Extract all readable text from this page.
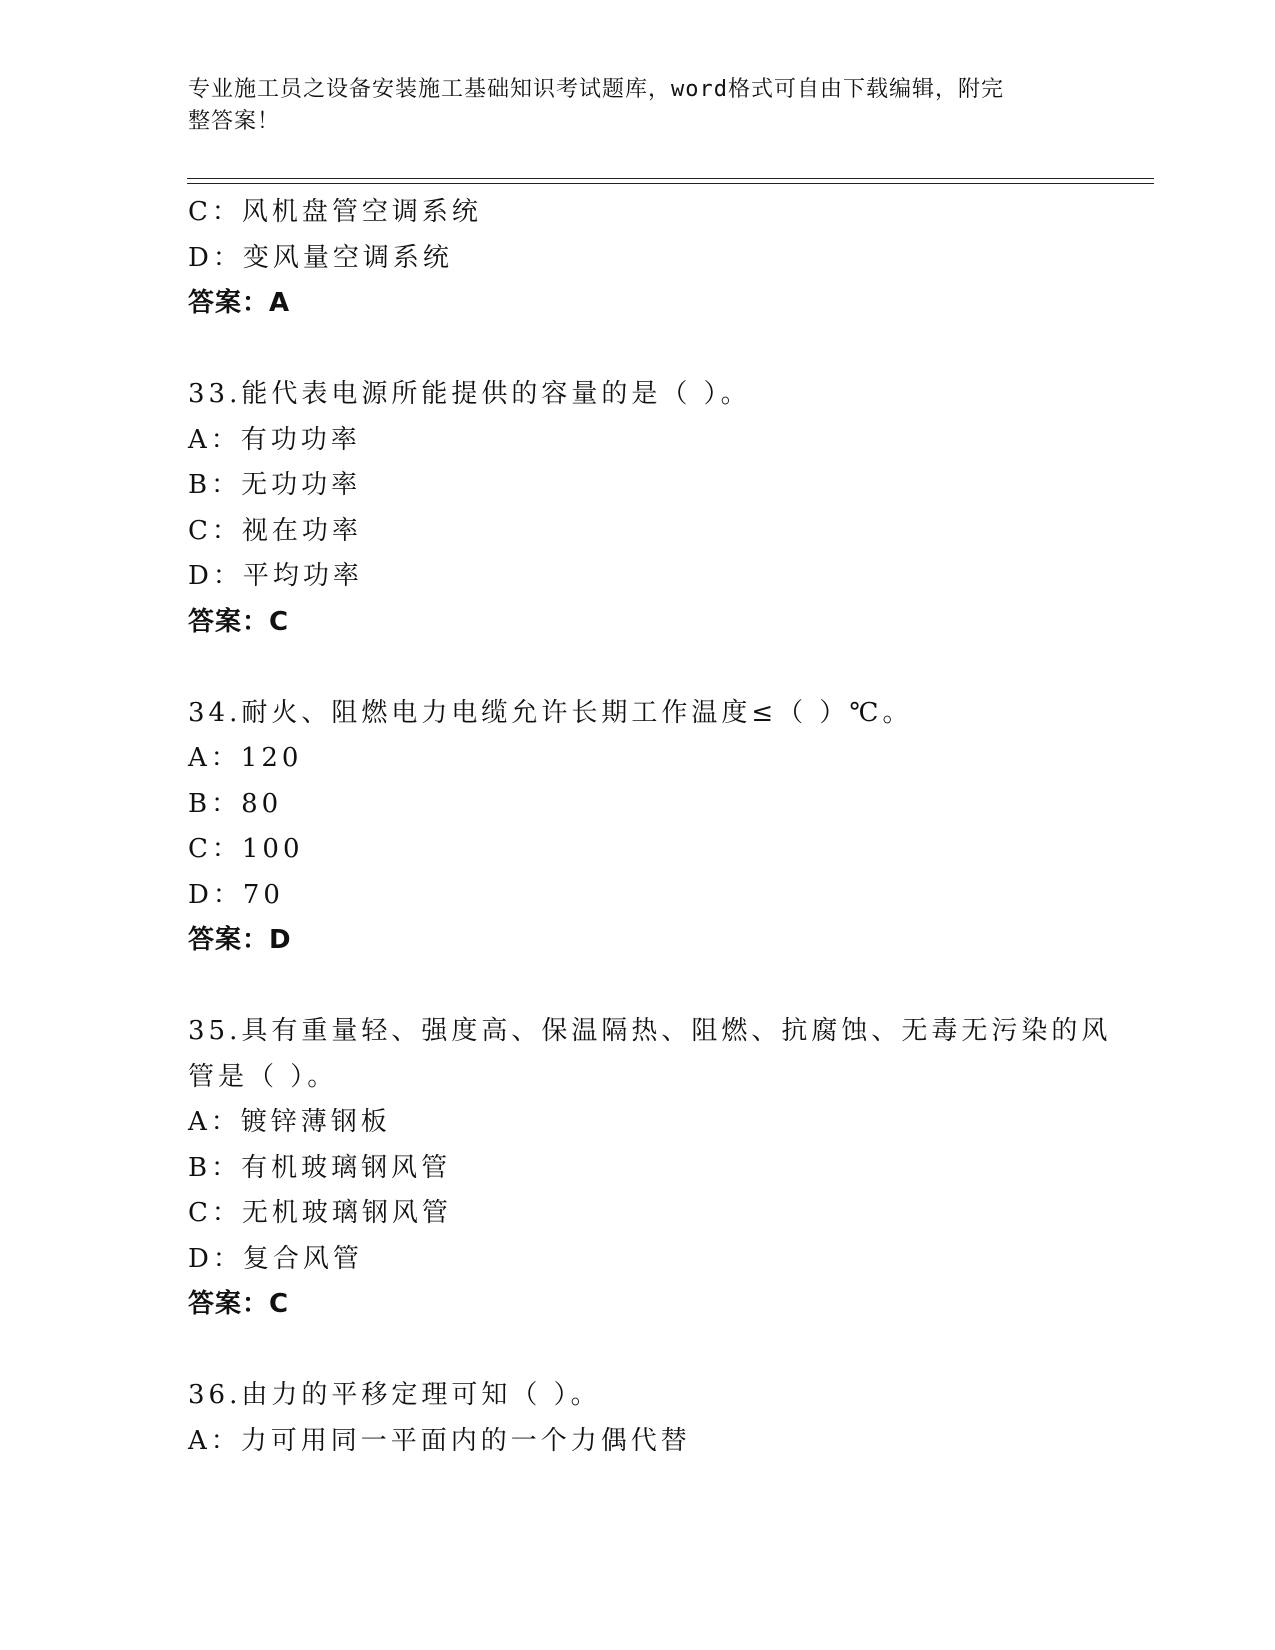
专业施工员之设备安装施工基础知识考试题库，word格式可自由下载编辑，附完
整答案！
C：风机盘管空调系统
D：变风量空调系统
答案：A
33.能代表电源所能提供的容量的是（ ）。
A：有功功率
B：无功功率
C：视在功率
D：平均功率
答案：C
34.耐火、阻燃电力电缆允许长期工作温度≤（ ）℃。
A：120
B：80
C：100
D：70
答案：D
35.具有重量轻、强度高、保温隔热、阻燃、抗腐蚀、无毒无污染的风
管是（ ）。
A：镀锌薄钢板
B：有机玻璃钢风管
C：无机玻璃钢风管
D：复合风管
答案：C
36.由力的平移定理可知（ ）。
A：力可用同一平面内的一个力偶代替
